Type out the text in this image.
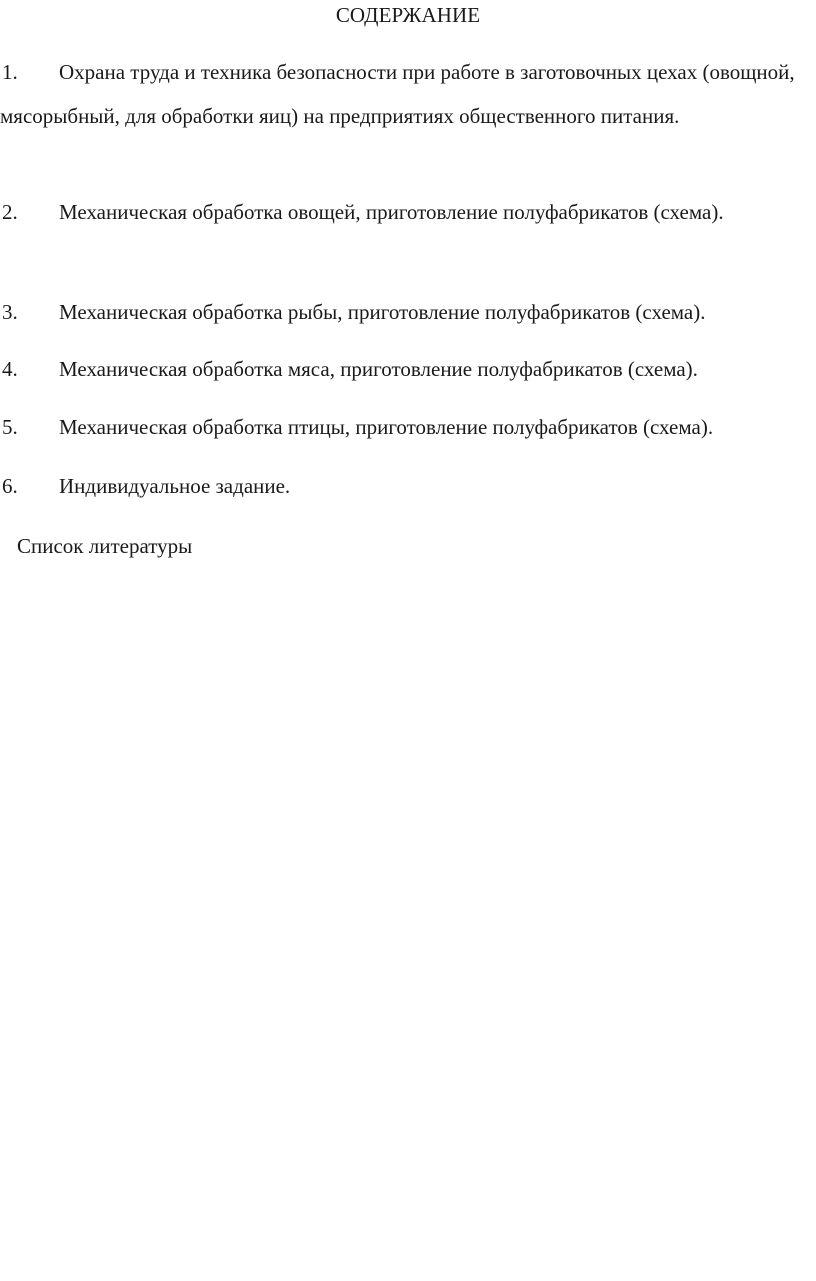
СОДЕРЖАНИЕ
1.	Охрана труда и техника безопасности при работе в заготовочных цехах (овощной, мясорыбный, для обработки яиц) на предприятиях общественного питания.
2.	Механическая обработка овощей, приготовление полуфабрикатов (схема).
3.	Механическая обработка рыбы, приготовление полуфабрикатов (схема).
4.	Механическая обработка мяса, приготовление полуфабрикатов (схема).
5.	Механическая обработка птицы, приготовление полуфабрикатов (схема).
6.	Индивидуальное задание.
Список литературы
